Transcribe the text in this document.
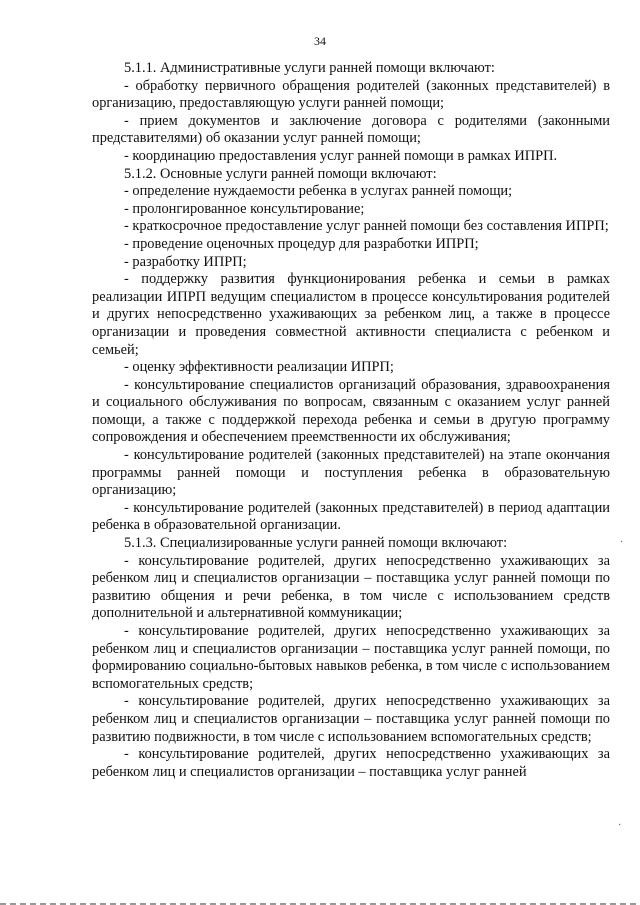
34

5.1.1. Административные услуги ранней помощи включают:

- обработку первичного обращения родителей (законных представителей) в организацию, предоставляющую услуги ранней помощи;

- прием документов и заключение договора с родителями (законными представителями) об оказании услуг ранней помощи;

- координацию предоставления услуг ранней помощи в рамках ИПРП.

5.1.2. Основные услуги ранней помощи включают:

- определение нуждаемости ребенка в услугах ранней помощи;

- пролонгированное консультирование;

- краткосрочное предоставление услуг ранней помощи без составления ИПРП;

- проведение оценочных процедур для разработки ИПРП;

- разработку ИПРП;

- поддержку развития функционирования ребенка и семьи в рамках реализации ИПРП ведущим специалистом в процессе консультирования родителей и других непосредственно ухаживающих за ребенком лиц, а также в процессе организации и проведения совместной активности специалиста с ребенком и семьей;

- оценку эффективности реализации ИПРП;

- консультирование специалистов организаций образования, здравоохранения и социального обслуживания по вопросам, связанным с оказанием услуг ранней помощи, а также с поддержкой перехода ребенка и семьи в другую программу сопровождения и обеспечением преемственности их обслуживания;

- консультирование родителей (законных представителей) на этапе окончания программы ранней помощи и поступления ребенка в образовательную организацию;

- консультирование родителей (законных представителей) в период адаптации ребенка в образовательной организации.

5.1.3. Специализированные услуги ранней помощи включают:

- консультирование родителей, других непосредственно ухаживающих за ребенком лиц и специалистов организации – поставщика услуг ранней помощи по развитию общения и речи ребенка, в том числе с использованием средств дополнительной и альтернативной коммуникации;

- консультирование родителей, других непосредственно ухаживающих за ребенком лиц и специалистов организации – поставщика услуг ранней помощи, по формированию социально-бытовых навыков ребенка, в том числе с использованием вспомогательных средств;

- консультирование родителей, других непосредственно ухаживающих за ребенком лиц и специалистов организации – поставщика услуг ранней помощи по развитию подвижности, в том числе с использованием вспомогательных средств;

- консультирование родителей, других непосредственно ухаживающих за ребенком лиц и специалистов организации – поставщика услуг ранней

·
·
